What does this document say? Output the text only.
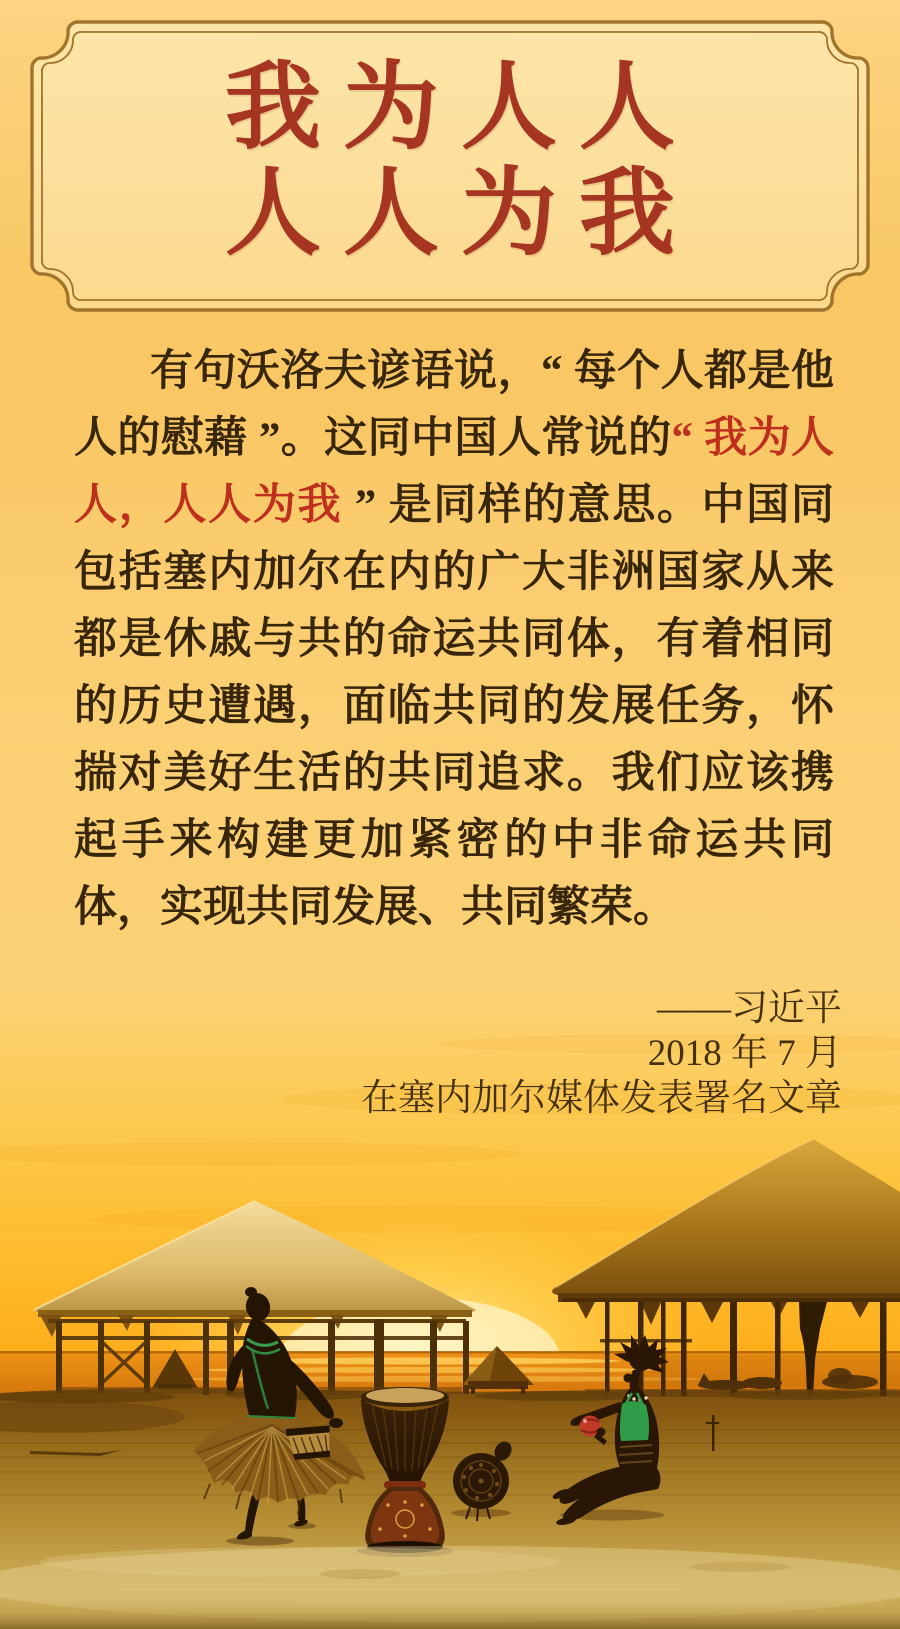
我为人人
人人为我
有句沃洛夫谚语说，“ 每个人都是他人的慰藉 ”。这同中国人常说的“ 我为人人，人人为我 ” 是同样的意思。中国同包括塞内加尔在内的广大非洲国家从来都是休戚与共的命运共同体，有着相同的历史遭遇，面临共同的发展任务，怀揣对美好生活的共同追求。我们应该携起手来构建更加紧密的中非命运共同体，实现共同发展、共同繁荣。
——习近平
2018 年 7 月
在塞内加尔媒体发表署名文章
